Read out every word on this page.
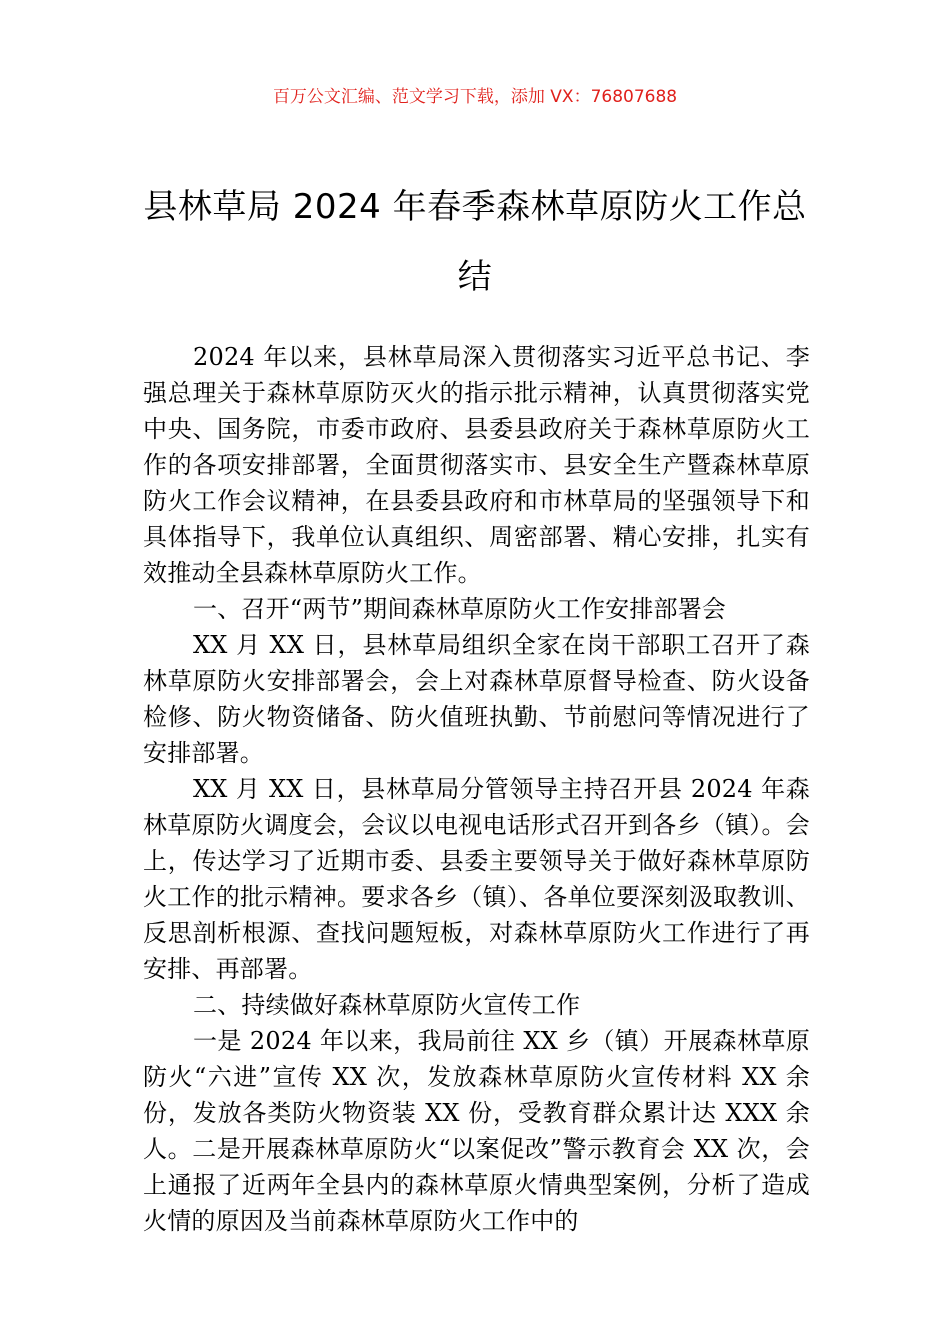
百万公文汇编、范文学习下载，添加 VX：76807688
县林草局 2024 年春季森林草原防火工作总结

2024 年以来，县林草局深入贯彻落实习近平总书记、李强总理关于森林草原防灭火的指示批示精神，认真贯彻落实党中央、国务院，市委市政府、县委县政府关于森林草原防火工作的各项安排部署，全面贯彻落实市、县安全生产暨森林草原防火工作会议精神，在县委县政府和市林草局的坚强领导下和具体指导下，我单位认真组织、周密部署、精心安排，扎实有效推动全县森林草原防火工作。

一、召开“两节”期间森林草原防火工作安排部署会

XX 月 XX 日，县林草局组织全家在岗干部职工召开了森林草原防火安排部署会，会上对森林草原督导检查、防火设备检修、防火物资储备、防火值班执勤、节前慰问等情况进行了安排部署。

XX 月 XX 日，县林草局分管领导主持召开县 2024 年森林草原防火调度会，会议以电视电话形式召开到各乡（镇）。会上，传达学习了近期市委、县委主要领导关于做好森林草原防火工作的批示精神。要求各乡（镇）、各单位要深刻汲取教训、反思剖析根源、查找问题短板，对森林草原防火工作进行了再安排、再部署。

二、持续做好森林草原防火宣传工作

一是 2024 年以来，我局前往 XX 乡（镇）开展森林草原防火“六进”宣传 XX 次，发放森林草原防火宣传材料 XX 余份，发放各类防火物资装 XX 份，受教育群众累计达 XXX 余人。二是开展森林草原防火“以案促改”警示教育会 XX 次，会上通报了近两年全县内的森林草原火情典型案例，分析了造成火情的原因及当前森林草原防火工作中的
